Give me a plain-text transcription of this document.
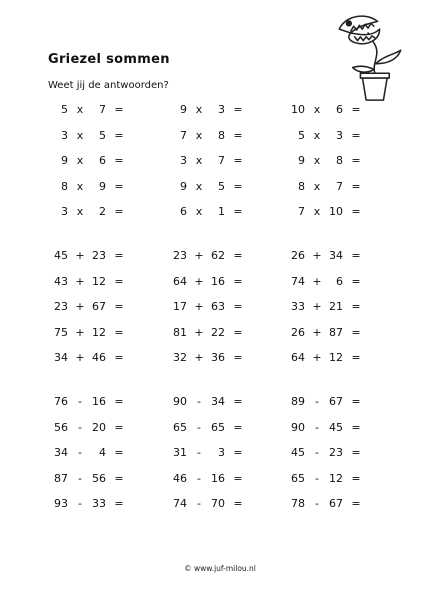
Griezel sommen
Weet jij de antwoorden?
5 x	7 =	9 x	3 =	10 x	6 =
3 x	5 =	7 x	8 =	5 x	3 =
9 x	6 =	3 x	7 =	9 x	8 =
8 x	9 =	9 x	5 =	8 x	7 =
3 x	2 =	6 x	1 =	7 x 10 =
45 + 23 =	23 + 62 =	26 + 34 =
43 + 12 =	64 + 16 =	74 +	6 =
23 + 67 =	17 + 63 =	33 + 21 =
75 + 12 =	81 + 22 =	26 + 87 =
34 + 46 =	32 + 36 =	64 + 12 =
76 - 16 =	90 - 34 =	89 - 67 =
56 - 20 =	65 - 65 =	90 - 45 =
34 -	4 =	31 -	3 =	45 - 23 =
87 - 56 =	46 - 16 =	65 - 12 =
93 - 33 =	74 - 70 =	78 - 67 =
© www.juf-milou.nl
